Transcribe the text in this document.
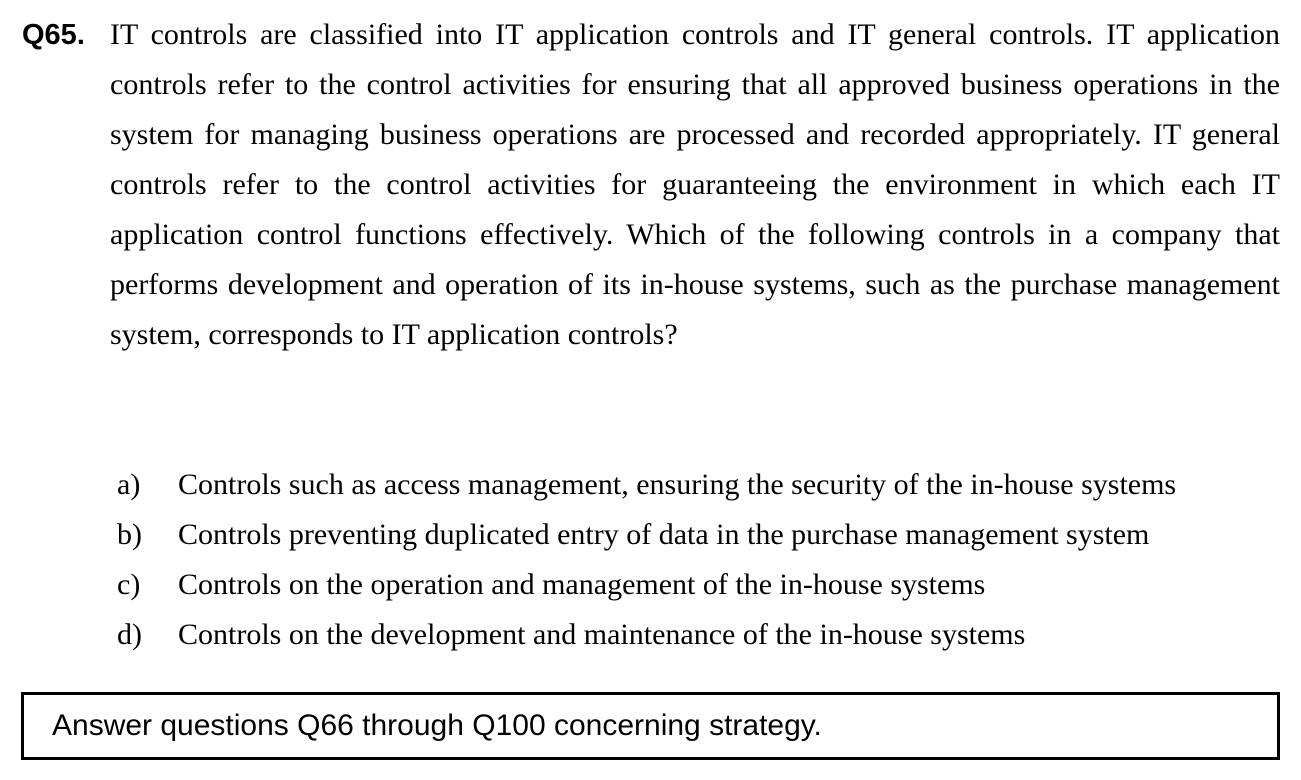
Q65. IT controls are classified into IT application controls and IT general controls. IT application controls refer to the control activities for ensuring that all approved business operations in the system for managing business operations are processed and recorded appropriately. IT general controls refer to the control activities for guaranteeing the environment in which each IT application control functions effectively. Which of the following controls in a company that performs development and operation of its in-house systems, such as the purchase management system, corresponds to IT application controls?
a)	Controls such as access management, ensuring the security of the in-house systems
b)	Controls preventing duplicated entry of data in the purchase management system
c)	Controls on the operation and management of the in-house systems
d)	Controls on the development and maintenance of the in-house systems
Answer questions Q66 through Q100 concerning strategy.
